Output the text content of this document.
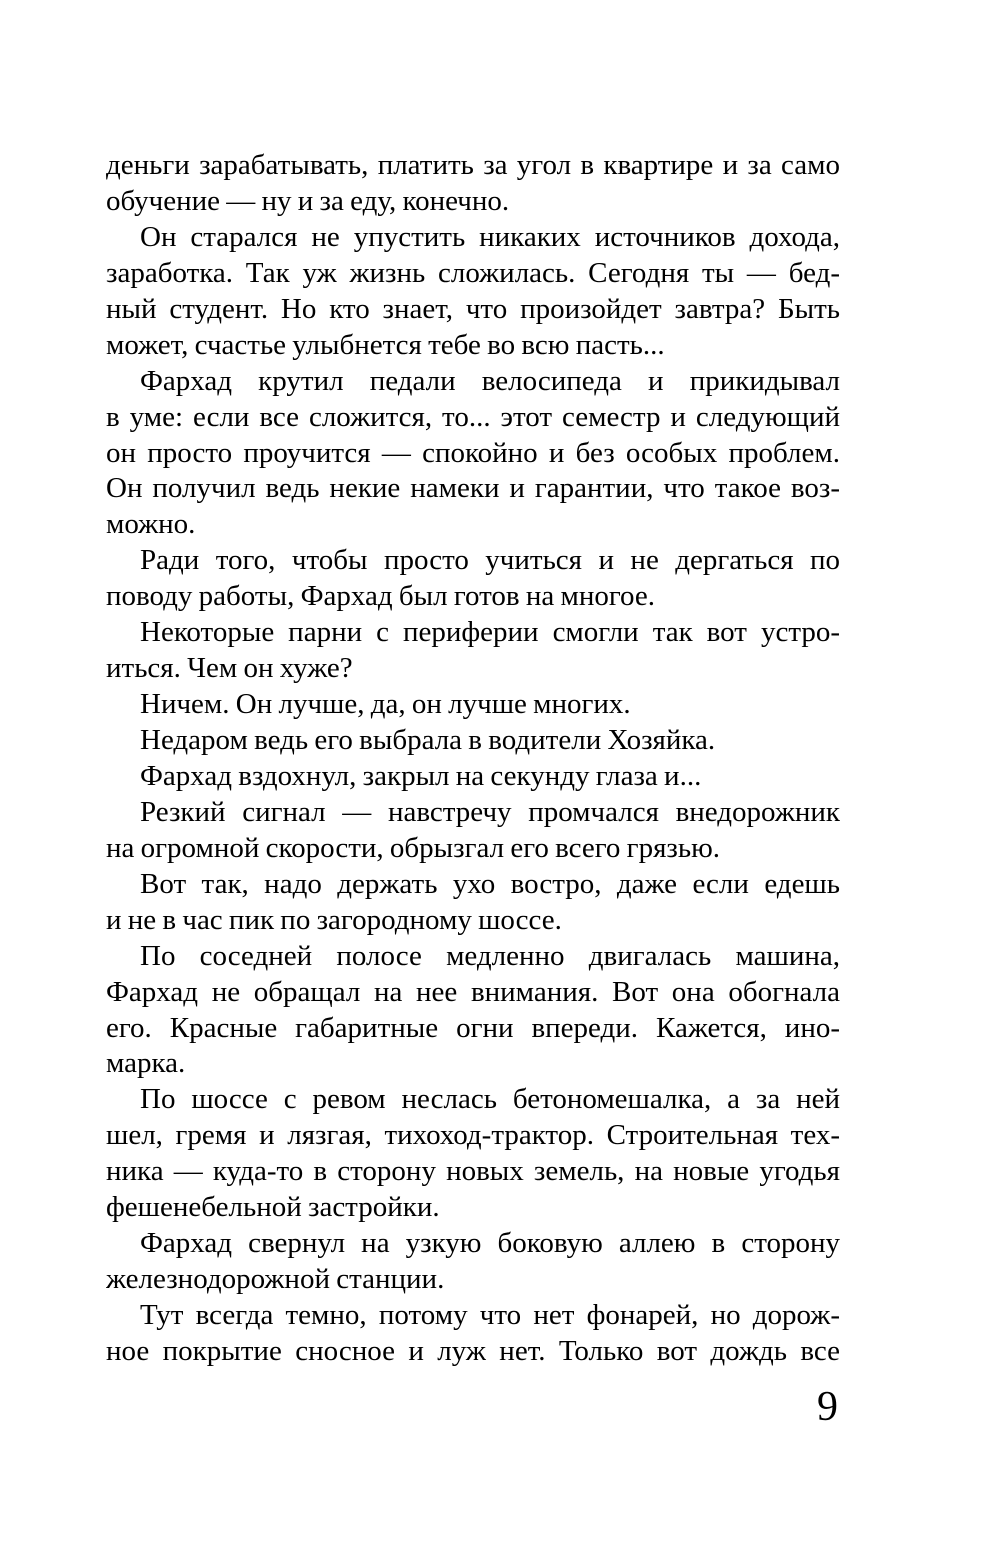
деньги зарабатывать, платить за угол в квартире и за само
обучение — ну и за еду, конечно.
Он старался не упустить никаких источников дохода,
заработка. Так уж жизнь сложилась. Сегодня ты — бед-
ный студент. Но кто знает, что произойдет завтра? Быть
может, счастье улыбнется тебе во всю пасть...
Фархад крутил педали велосипеда и прикидывал
в уме: если все сложится, то... этот семестр и следующий
он просто проучится — спокойно и без особых проблем.
Он получил ведь некие намеки и гарантии, что такое воз-
можно.
Ради того, чтобы просто учиться и не дергаться по
поводу работы, Фархад был готов на многое.
Некоторые парни с периферии смогли так вот устро-
иться. Чем он хуже?
Ничем. Он лучше, да, он лучше многих.
Недаром ведь его выбрала в водители Хозяйка.
Фархад вздохнул, закрыл на секунду глаза и...
Резкий сигнал — навстречу промчался внедорожник
на огромной скорости, обрызгал его всего грязью.
Вот так, надо держать ухо востро, даже если едешь
и не в час пик по загородному шоссе.
По соседней полосе медленно двигалась машина,
Фархад не обращал на нее внимания. Вот она обогнала
его. Красные габаритные огни впереди. Кажется, ино-
марка.
По шоссе с ревом неслась бетономешалка, а за ней
шел, гремя и лязгая, тихоход-трактор. Строительная тех-
ника — куда-то в сторону новых земель, на новые угодья
фешенебельной застройки.
Фархад свернул на узкую боковую аллею в сторону
железнодорожной станции.
Тут всегда темно, потому что нет фонарей, но дорож-
ное покрытие сносное и луж нет. Только вот дождь все
9
